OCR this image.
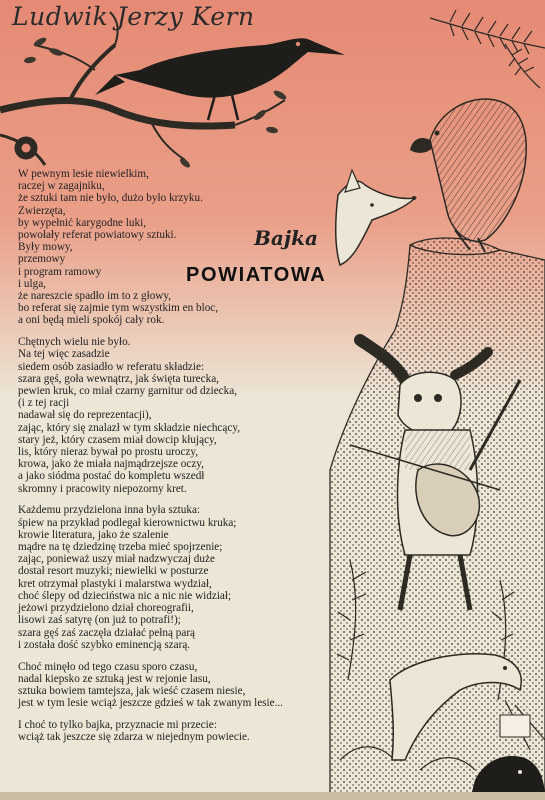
Ludwik Jerzy Kern
Bajka
POWIATOWA

W pewnym lesie niewielkim,
raczej w zagajniku,
że sztuki tam nie było, dużo było krzyku.
Zwierzęta,
by wypełnić karygodne luki,
powołały referat powiatowy sztuki.
Były mowy,
przemowy
i program ramowy
i ulga,
że nareszcie spadło im to z głowy,
bo referat się zajmie tym wszystkim en bloc,
a oni będą mieli spokój cały rok.

Chętnych wielu nie było.
Na tej więc zasadzie
siedem osób zasiadło w referatu składzie:
szara gęś, goła wewnątrz, jak święta turecka,
pewien kruk, co miał czarny garnitur od dziecka,
(i z tej racji
nadawał się do reprezentacji),
zając, który się znalazł w tym składzie niechcący,
stary jeż, który czasem miał dowcip kłujący,
lis, który nieraz bywał po prostu uroczy,
krowa, jako że miała najmądrzejsze oczy,
a jako siódma postać do kompletu wszedł
skromny i pracowity niepozorny kret.

Każdemu przydzielona inna była sztuka:
śpiew na przykład podlegał kierownictwu kruka;
krowie literatura, jako że szalenie
mądre na tę dziedzinę trzeba mieć spojrzenie;
zając, ponieważ uszy miał nadzwyczaj duże
dostał resort muzyki; niewielki w posturze
kret otrzymał plastyki i malarstwa wydział,
choć ślepy od dzieciństwa nic a nic nie widział;
jeżowi przydzielono dział choreografii,
lisowi zaś satyrę (on już to potrafi!);
szara gęś zaś zaczęła działać pełną parą
i została dość szybko eminencją szarą.

Choć minęło od tego czasu sporo czasu,
nadal kiepsko ze sztuką jest w rejonie lasu,
sztuka bowiem tamtejsza, jak wieść czasem niesie,
jest w tym lesie wciąż jeszcze gdzieś w tak zwanym lesie...

I choć to tylko bajka, przyznacie mi przecie:
wciąż tak jeszcze się zdarza w niejednym powiecie.
